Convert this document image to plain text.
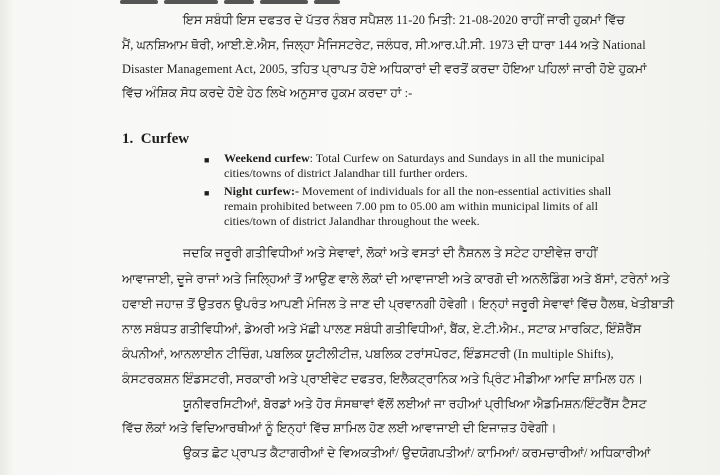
ਇਸ ਸਬੰਧੀ ਇਸ ਦਫਤਰ ਦੇ ਪੱਤਰ ਨੰਬਰ ਸਪੈਸ਼ਲ 11-20 ਮਿਤੀ: 21-08-2020 ਰਾਹੀਂ ਜਾਰੀ ਹੁਕਮਾਂ ਵਿੱਚ
ਮੈਂ, ਘਨਸ਼ਿਆਮ ਥੋਰੀ, ਆਈ.ਏ.ਐਸ, ਜਿਲ੍ਹਾ ਮੈਜਿਸਟਰੇਟ, ਜਲੰਧਰ, ਸੀ.ਆਰ.ਪੀ.ਸੀ. 1973 ਦੀ ਧਾਰਾ 144 ਅਤੇ National
Disaster Management Act, 2005, ਤਹਿਤ ਪ੍ਰਾਪਤ ਹੋਏ ਅਧਿਕਾਰਾਂ ਦੀ ਵਰਤੋਂ ਕਰਦਾ ਹੋਇਆ ਪਹਿਲਾਂ ਜਾਰੀ ਹੋਏ ਹੁਕਮਾਂ
ਵਿੱਚ ਅੰਸ਼ਿਕ ਸੋਧ ਕਰਦੇ ਹੋਏ ਹੇਠ ਲਿਖੇ ਅਨੁਸਾਰ ਹੁਕਮ ਕਰਦਾ ਹਾਂ :-
1. Curfew
■ Weekend curfew: Total Curfew on Saturdays and Sundays in all the municipal
cities/towns of district Jalandhar till further orders.
■ Night curfew:- Movement of individuals for all the non-essential activities shall
remain prohibited between 7.00 pm to 05.00 am within municipal limits of all
cities/town of district Jalandhar throughout the week.
ਜਦਕਿ ਜਰੂਰੀ ਗਤੀਵਿਧੀਆਂ ਅਤੇ ਸੇਵਾਵਾਂ, ਲੋਕਾਂ ਅਤੇ ਵਸਤਾਂ ਦੀ ਨੈਸ਼ਨਲ ਤੇ ਸਟੇਟ ਹਾਈਵੇਜ਼ ਰਾਹੀਂ
ਆਵਾਜਾਈ, ਦੂਜੇ ਰਾਜਾਂ ਅਤੇ ਜਿਲ੍ਹਿਆਂ ਤੋਂ ਆਉਣ ਵਾਲੇ ਲੋਕਾਂ ਦੀ ਆਵਾਜਾਈ ਅਤੇ ਕਾਰਗੋ ਦੀ ਅਨਲੋਡਿੰਗ ਅਤੇ ਬੱਸਾਂ, ਟਰੇਨਾਂ ਅਤੇ
ਹਵਾਈ ਜਹਾਜ਼ ਤੋਂ ਉਤਰਨ ਉਪਰੰਤ ਆਪਣੀ ਮੰਜਿਲ ਤੇ ਜਾਣ ਦੀ ਪ੍ਰਵਾਨਗੀ ਹੋਵੇਗੀ। ਇਨ੍ਹਾਂ ਜਰੂਰੀ ਸੇਵਾਵਾਂ ਵਿੱਚ ਹੈਲਥ, ਖੇਤੀਬਾੜੀ
ਨਾਲ ਸਬੰਧਤ ਗਤੀਵਿਧੀਆਂ, ਡੇਅਰੀ ਅਤੇ ਮੱਛੀ ਪਾਲਣ ਸਬੰਧੀ ਗਤੀਵਿਧੀਆਂ, ਬੈਂਕ, ਏ.ਟੀ.ਐਮ., ਸਟਾਕ ਮਾਰਕਿਟ, ਇੰਸ਼ੋਰੈਂਸ
ਕੰਪਨੀਆਂ, ਆਨਲਾਈਨ ਟੀਚਿੰਗ, ਪਬਲਿਕ ਯੂਟੀਲੀਟੀਜ਼, ਪਬਲਿਕ ਟਰਾਂਸਪੋਰਟ, ਇੰਡਸਟਰੀ (In multiple Shifts),
ਕੰਸਟਰਕਸ਼ਨ ਇੰਡਸਟਰੀ, ਸਰਕਾਰੀ ਅਤੇ ਪ੍ਰਾਈਵੇਟ ਦਫਤਰ, ਇਲੈਕਟ੍ਰਾਨਿਕ ਅਤੇ ਪ੍ਰਿੰਟ ਮੀਡੀਆ ਆਦਿ ਸ਼ਾਮਿਲ ਹਨ।
ਯੂਨੀਵਰਸਿਟੀਆਂ, ਬੋਰਡਾਂ ਅਤੇ ਹੋਰ ਸੰਸਥਾਵਾਂ ਵੱਲੋਂ ਲਈਆਂ ਜਾ ਰਹੀਆਂ ਪ੍ਰੀਖਿਆ ਐਡਮਿਸ਼ਨ/ਇੰਟਰੈਂਸ ਟੈਸਟ
ਵਿੱਚ ਲੋਕਾਂ ਅਤੇ ਵਿਦਿਆਰਥੀਆਂ ਨੂੰ ਇਨ੍ਹਾਂ ਵਿੱਚ ਸ਼ਾਮਿਲ ਹੋਣ ਲਈ ਆਵਾਜਾਈ ਦੀ ਇਜਾਜ਼ਤ ਹੋਵੇਗੀ।
ਉਕਤ ਛੋਟ ਪ੍ਰਾਪਤ ਕੈਟਾਗਰੀਆਂ ਦੇ ਵਿਅਕਤੀਆਂ/ ਉਦਯੋਗਪਤੀਆਂ/ ਕਾਮਿਆਂ/ ਕਰਮਚਾਰੀਆਂ/ ਅਧਿਕਾਰੀਆਂ
